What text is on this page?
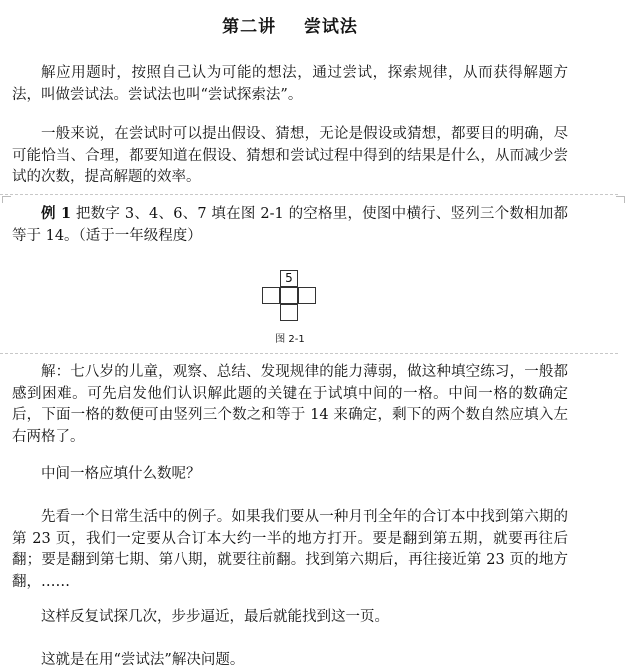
第二讲    尝试法

解应用题时，按照自己认为可能的想法，通过尝试，探索规律，从而获得解题方法，叫做尝试法。尝试法也叫“尝试探索法”。

一般来说，在尝试时可以提出假设、猜想，无论是假设或猜想，都要目的明确，尽可能恰当、合理，都要知道在假设、猜想和尝试过程中得到的结果是什么，从而减少尝试的次数，提高解题的效率。

例 1 把数字 3、4、6、7 填在图 2-1 的空格里，使图中横行、竖列三个数相加都等于 14。（适于一年级程度）

5
图 2-1

解：七八岁的儿童，观察、总结、发现规律的能力薄弱，做这种填空练习，一般都感到困难。可先启发他们认识解此题的关键在于试填中间的一格。中间一格的数确定后，下面一格的数便可由竖列三个数之和等于 14 来确定，剩下的两个数自然应填入左右两格了。

中间一格应填什么数呢？

先看一个日常生活中的例子。如果我们要从一种月刊全年的合订本中找到第六期的第 23 页，我们一定要从合订本大约一半的地方打开。要是翻到第五期，就要再往后翻；要是翻到第七期、第八期，就要往前翻。找到第六期后，再往接近第 23 页的地方翻，……

这样反复试探几次，步步逼近，最后就能找到这一页。

这就是在用“尝试法”解决问题。
